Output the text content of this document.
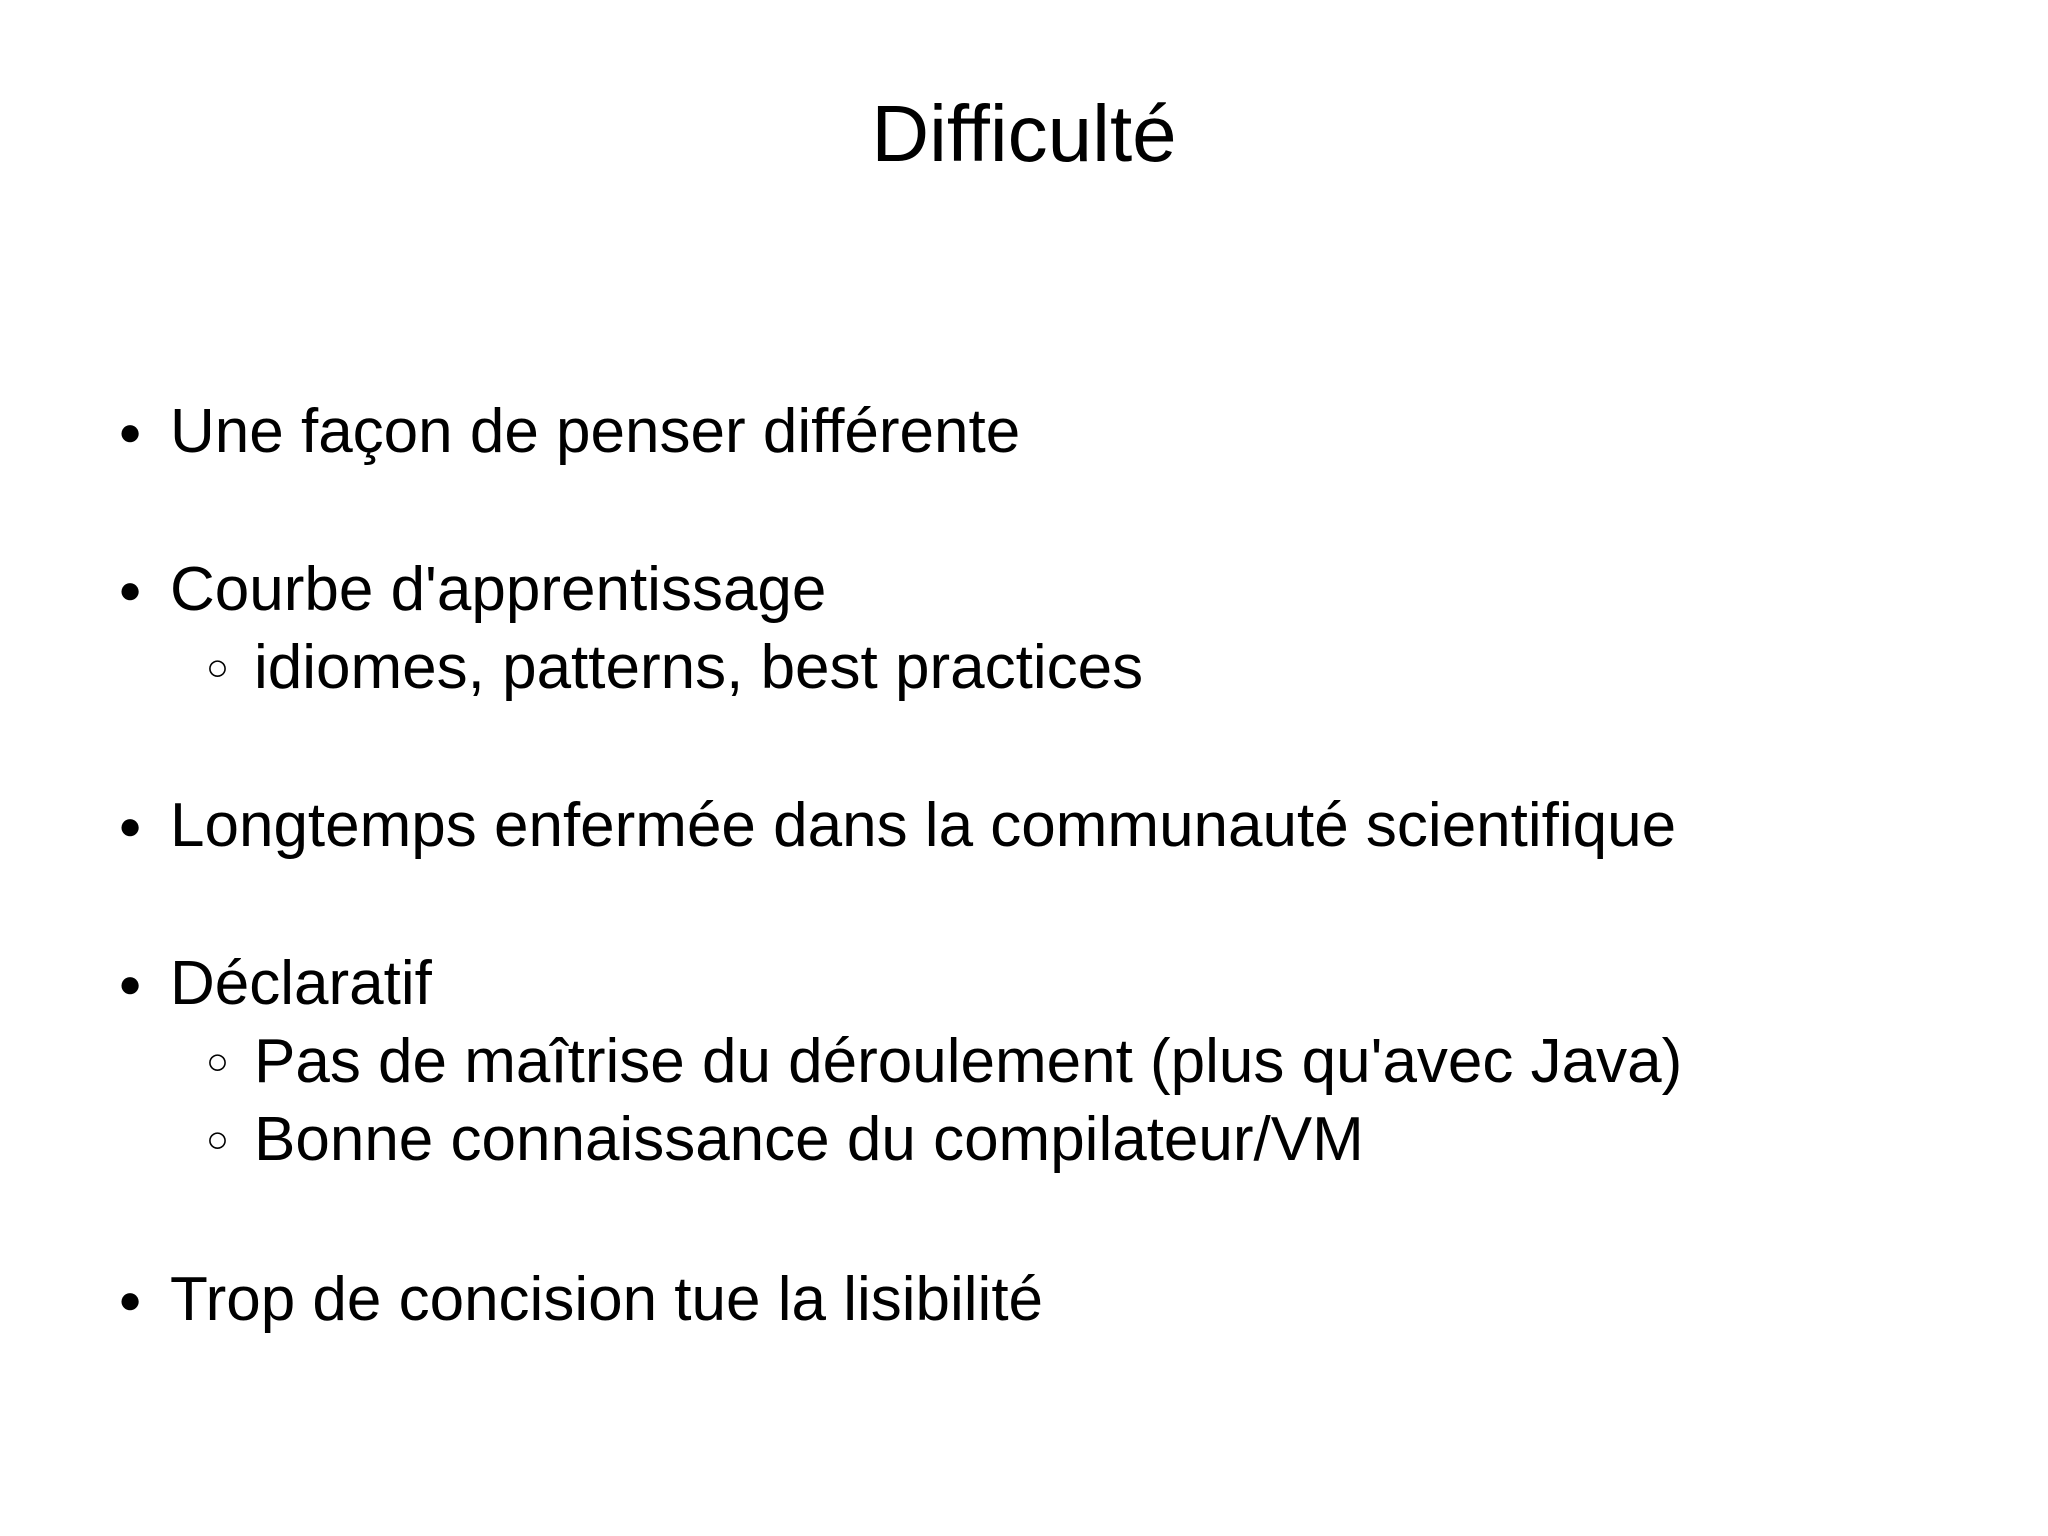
Difficulté
● Une façon de penser différente
● Courbe d'apprentissage
○ idiomes, patterns, best practices
● Longtemps enfermée dans la communauté scientifique
● Déclaratif
○ Pas de maîtrise du déroulement (plus qu'avec Java)
○ Bonne connaissance du compilateur/VM
● Trop de concision tue la lisibilité
